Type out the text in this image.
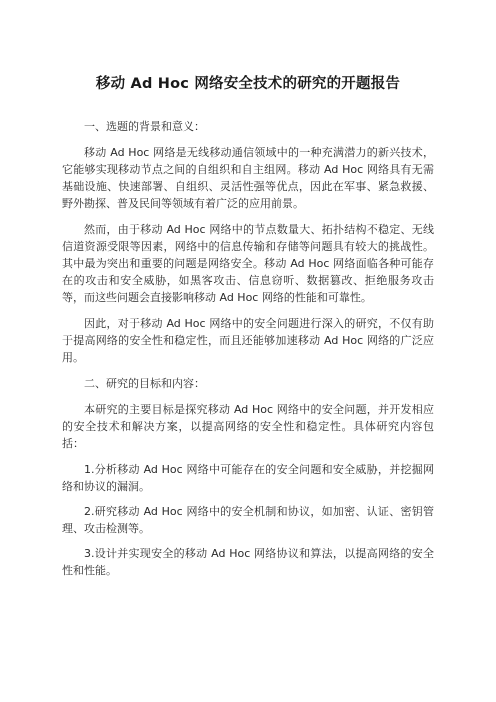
移动 Ad Hoc 网络安全技术的研究的开题报告

一、选题的背景和意义：

移动 Ad Hoc 网络是无线移动通信领域中的一种充满潜力的新兴技术，它能够实现移动节点之间的自组织和自主组网。移动 Ad Hoc 网络具有无需基础设施、快速部署、自组织、灵活性强等优点，因此在军事、紧急救援、野外勘探、普及民间等领域有着广泛的应用前景。

然而，由于移动 Ad Hoc 网络中的节点数量大、拓扑结构不稳定、无线信道资源受限等因素，网络中的信息传输和存储等问题具有较大的挑战性。其中最为突出和重要的问题是网络安全。移动 Ad Hoc 网络面临各种可能存在的攻击和安全威胁，如黑客攻击、信息窃听、数据篡改、拒绝服务攻击等，而这些问题会直接影响移动 Ad Hoc 网络的性能和可靠性。

因此，对于移动 Ad Hoc 网络中的安全问题进行深入的研究，不仅有助于提高网络的安全性和稳定性，而且还能够加速移动 Ad Hoc 网络的广泛应用。

二、研究的目标和内容：

本研究的主要目标是探究移动 Ad Hoc 网络中的安全问题，并开发相应的安全技术和解决方案，以提高网络的安全性和稳定性。具体研究内容包括：

1.分析移动 Ad Hoc 网络中可能存在的安全问题和安全威胁，并挖掘网络和协议的漏洞。

2.研究移动 Ad Hoc 网络中的安全机制和协议，如加密、认证、密钥管理、攻击检测等。

3.设计并实现安全的移动 Ad Hoc 网络协议和算法，以提高网络的安全性和性能。
